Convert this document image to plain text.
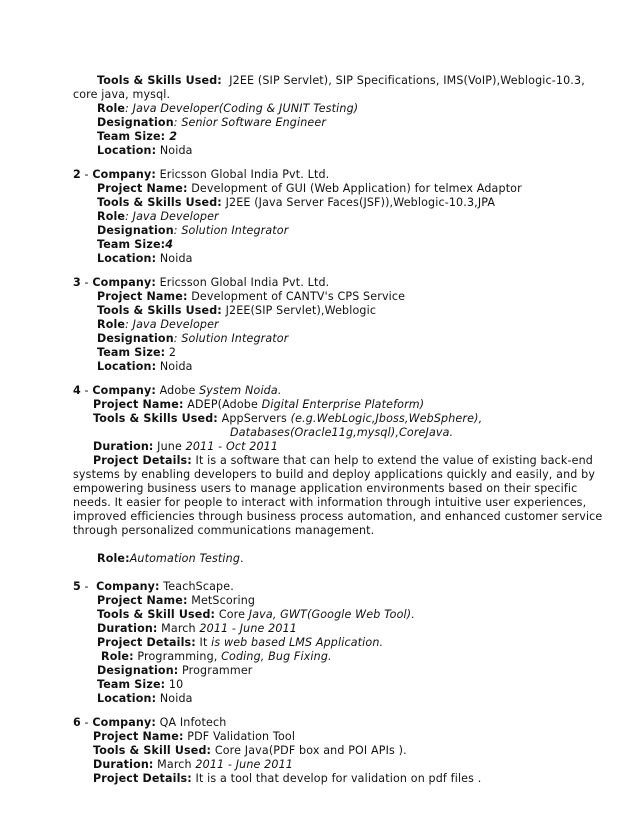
Tools & Skills Used: J2EE (SIP Servlet), SIP Specifications, IMS(VoIP),Weblogic-10.3,
core java, mysql.
Role: Java Developer(Coding & JUNIT Testing)
Designation: Senior Software Engineer
Team Size: 2
Location: Noida
2 - Company: Ericsson Global India Pvt. Ltd.
Project Name: Development of GUI (Web Application) for telmex Adaptor
Tools & Skills Used: J2EE (Java Server Faces(JSF)),Weblogic-10.3,JPA
Role: Java Developer
Designation: Solution Integrator
Team Size:4
Location: Noida
3 - Company: Ericsson Global India Pvt. Ltd.
Project Name: Development of CANTV's CPS Service
Tools & Skills Used: J2EE(SIP Servlet),Weblogic
Role: Java Developer
Designation: Solution Integrator
Team Size: 2
Location: Noida
4 - Company: Adobe System Noida.
Project Name: ADEP(Adobe Digital Enterprise Plateform)
Tools & Skills Used: AppServers (e.g.WebLogic,Jboss,WebSphere),
Databases(Oracle11g,mysql),CoreJava.
Duration: June 2011 - Oct 2011
Project Details: It is a software that can help to extend the value of existing back-end
systems by enabling developers to build and deploy applications quickly and easily, and by
empowering business users to manage application environments based on their specific
needs. It easier for people to interact with information through intuitive user experiences,
improved efficiencies through business process automation, and enhanced customer service
through personalized communications management.
Role:Automation Testing.
5 -  Company: TeachScape.
Project Name: MetScoring
Tools & Skill Used: Core Java, GWT(Google Web Tool).
Duration: March 2011 - June 2011
Project Details: It is web based LMS Application.
Role: Programming, Coding, Bug Fixing.
Designation: Programmer
Team Size: 10
Location: Noida
6 - Company: QA Infotech
Project Name: PDF Validation Tool
Tools & Skill Used: Core Java(PDF box and POI APIs ).
Duration: March 2011 - June 2011
Project Details: It is a tool that develop for validation on pdf files .
